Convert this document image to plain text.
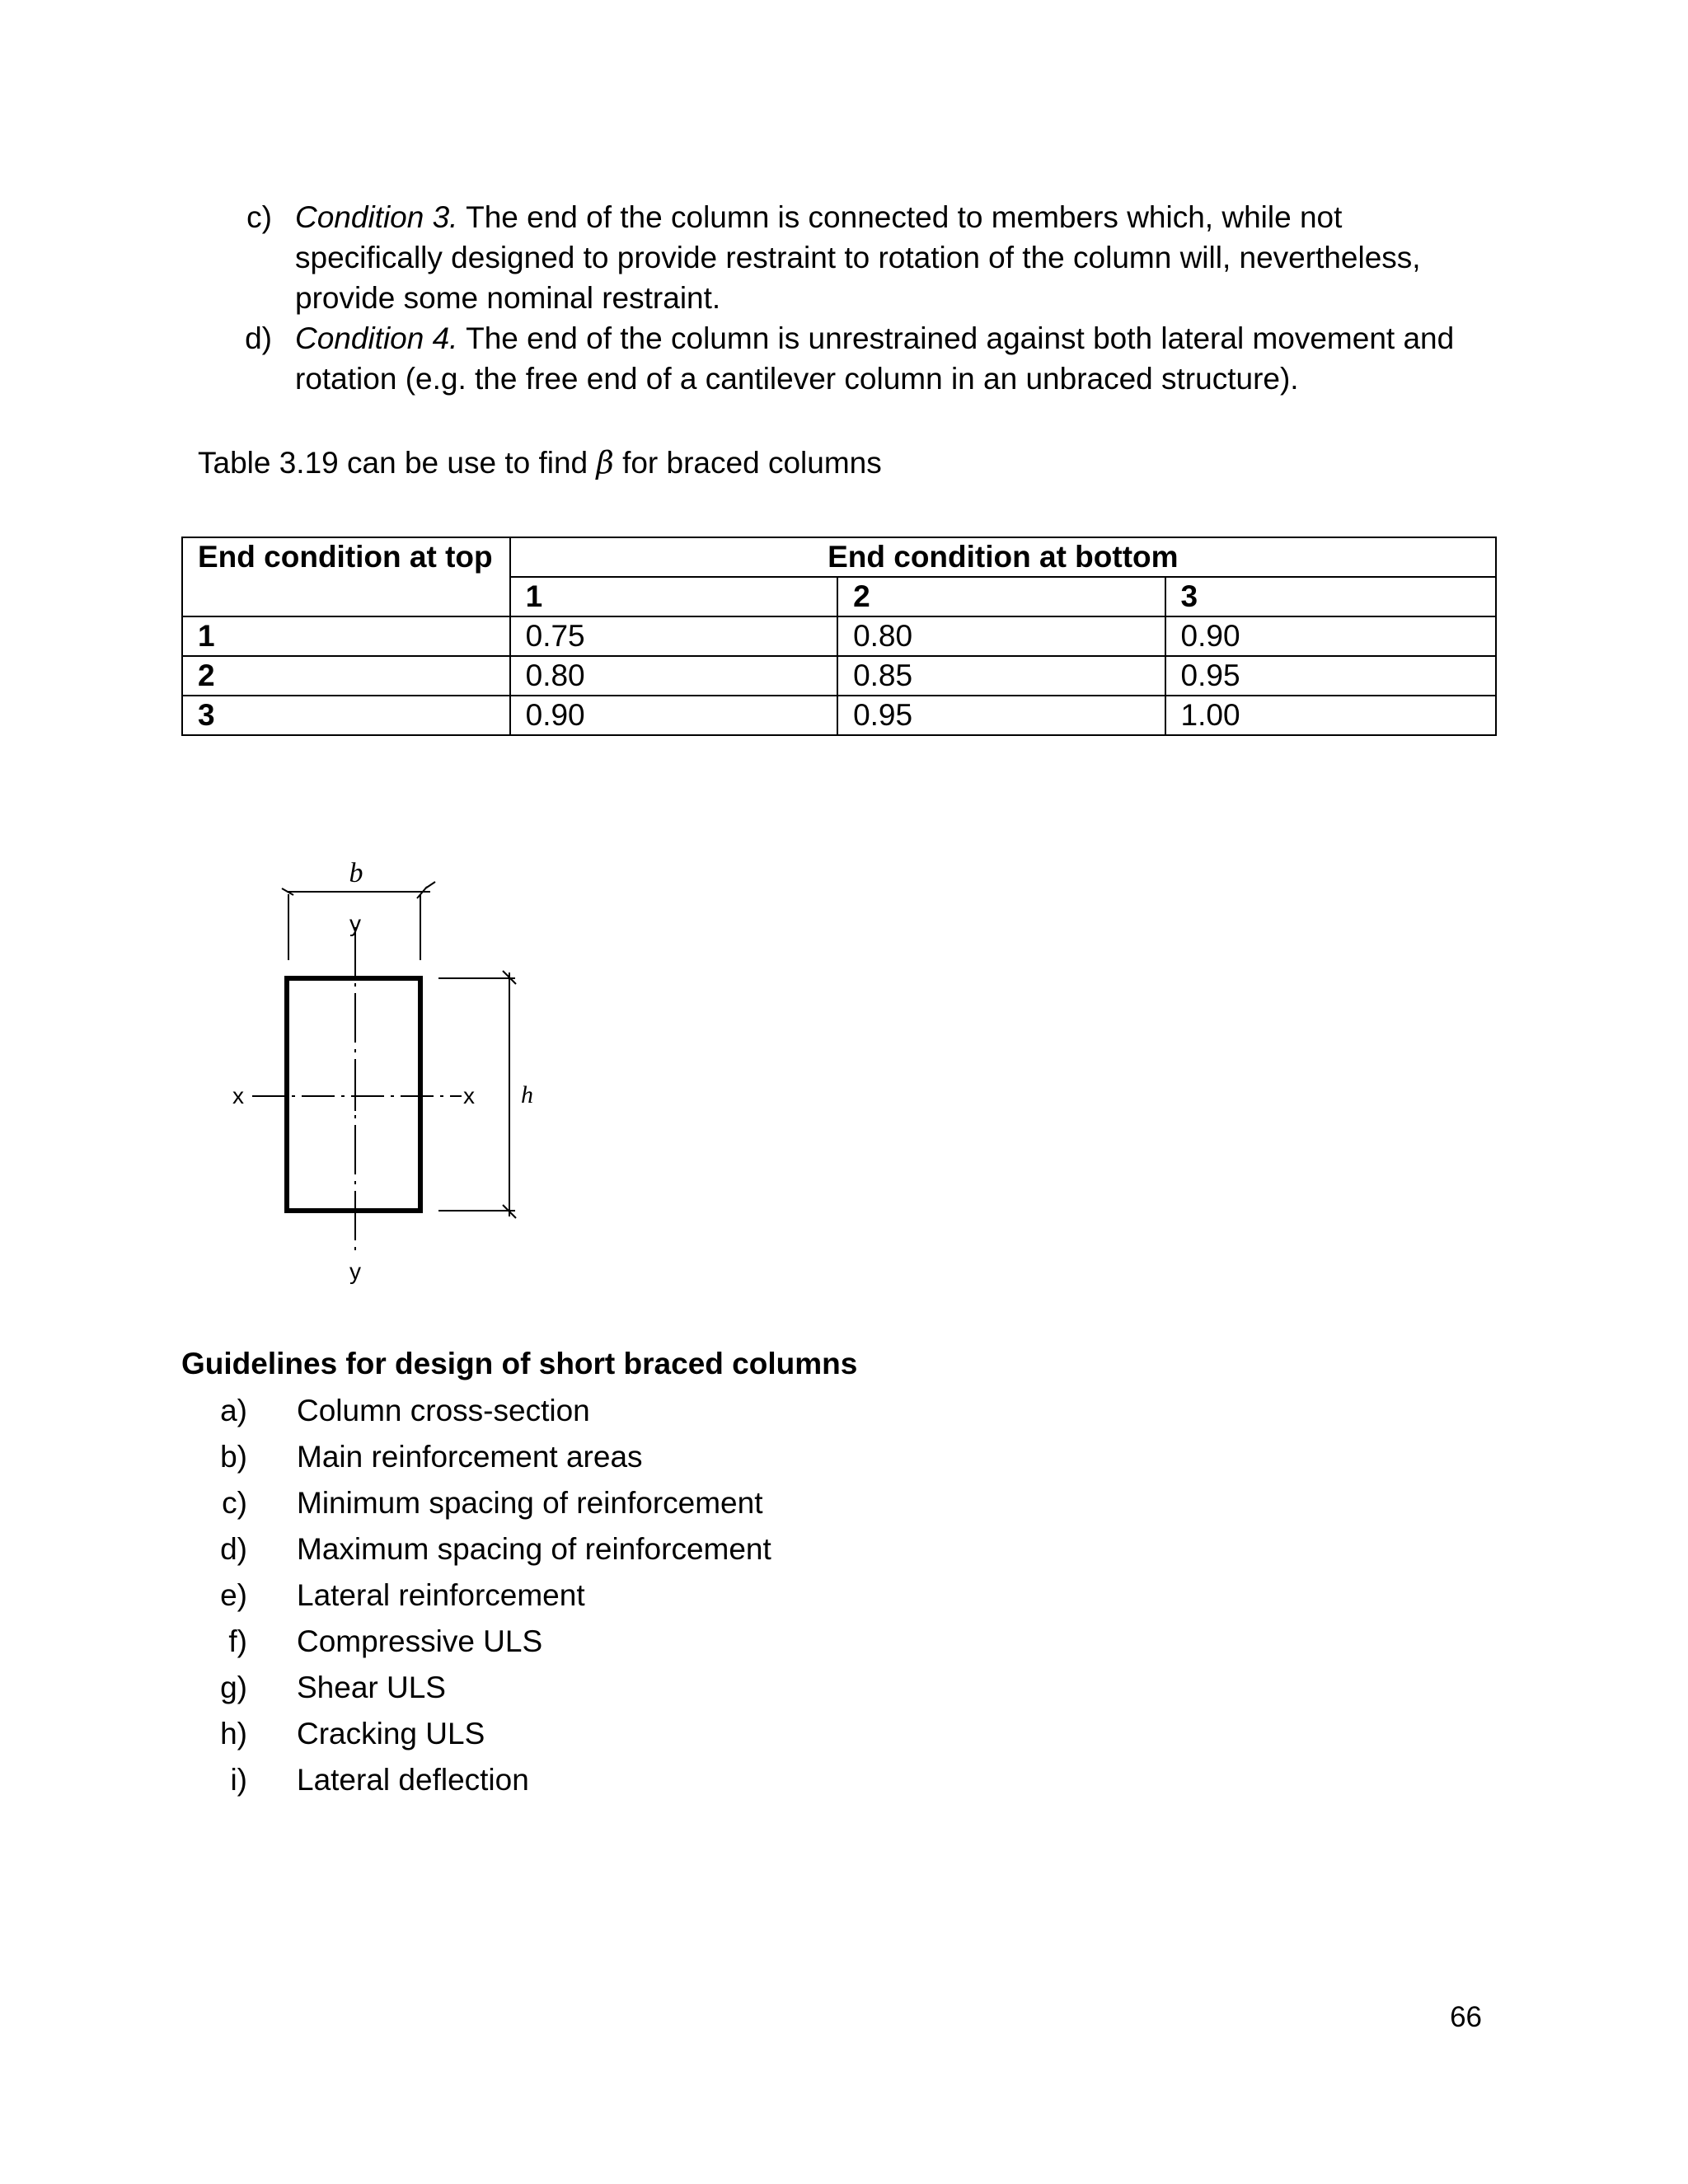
c) Condition 3. The end of the column is connected to members which, while not
specifically designed to provide restraint to rotation of the column will, nevertheless,
provide some nominal restraint.
d) Condition 4. The end of the column is unrestrained against both lateral movement and
rotation (e.g. the free end of a cantilever column in an unbraced structure).
Table 3.19 can be use to find β for braced columns
End condition at top	End condition at bottom		
	1	2	3
1	0.75	0.80	0.90
2	0.80	0.85	0.95
3	0.90	0.95	1.00
b
y
y
x	x h
Guidelines for design of short braced columns
a) Column cross-section
b) Main reinforcement areas
c) Minimum spacing of reinforcement
d) Maximum spacing of reinforcement
e) Lateral reinforcement
f) Compressive ULS
g) Shear ULS
h) Cracking ULS
i) Lateral deflection
66
